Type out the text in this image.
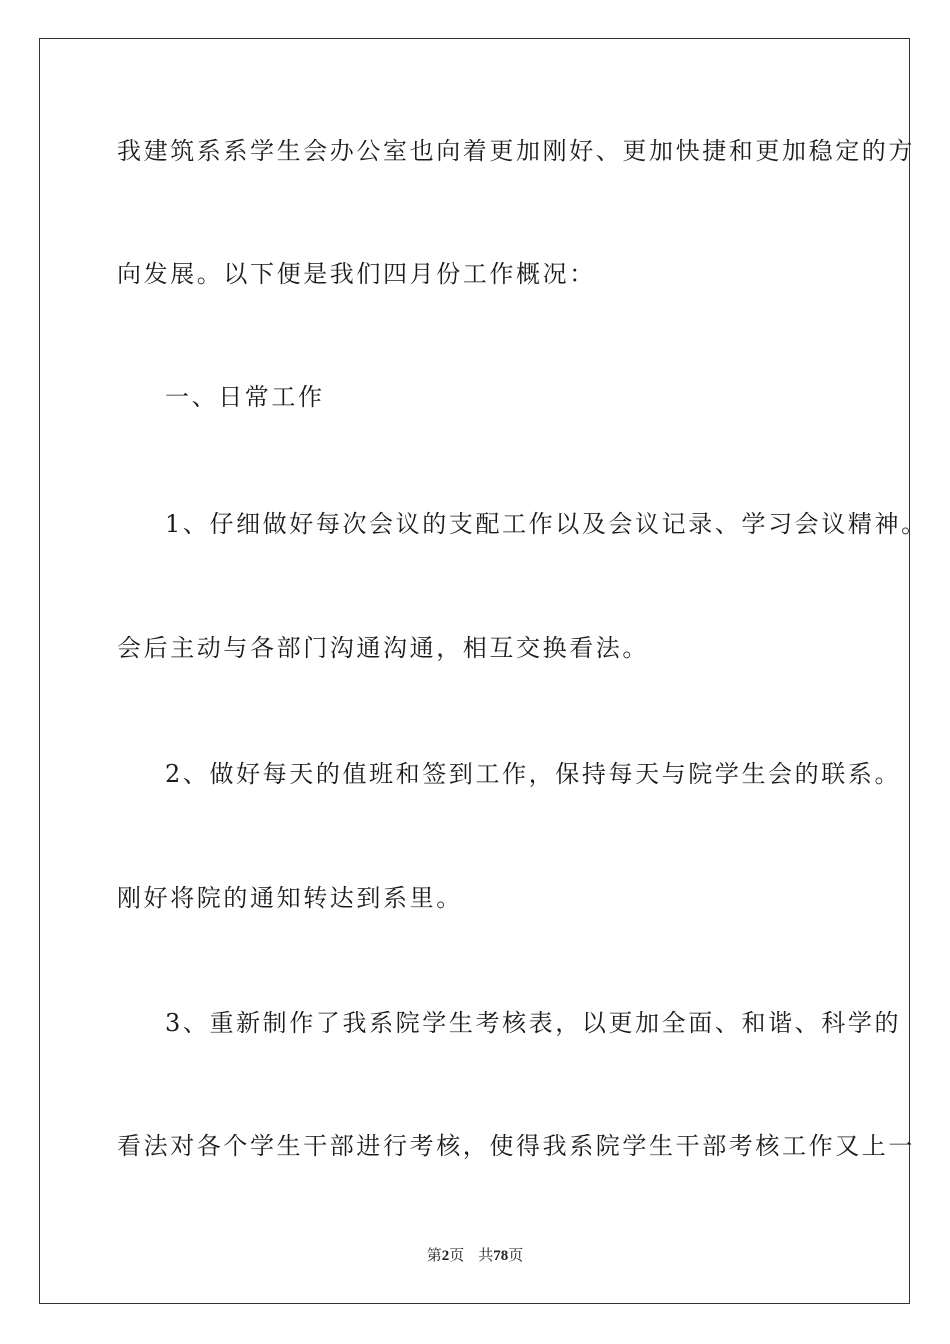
我建筑系系学生会办公室也向着更加刚好、更加快捷和更加稳定的方
向发展。以下便是我们四月份工作概况：
一、日常工作
1、仔细做好每次会议的支配工作以及会议记录、学习会议精神。
会后主动与各部门沟通沟通，相互交换看法。
2、做好每天的值班和签到工作，保持每天与院学生会的联系。
刚好将院的通知转达到系里。
3、重新制作了我系院学生考核表，以更加全面、和谐、科学的
看法对各个学生干部进行考核，使得我系院学生干部考核工作又上一
第2页 共78页
